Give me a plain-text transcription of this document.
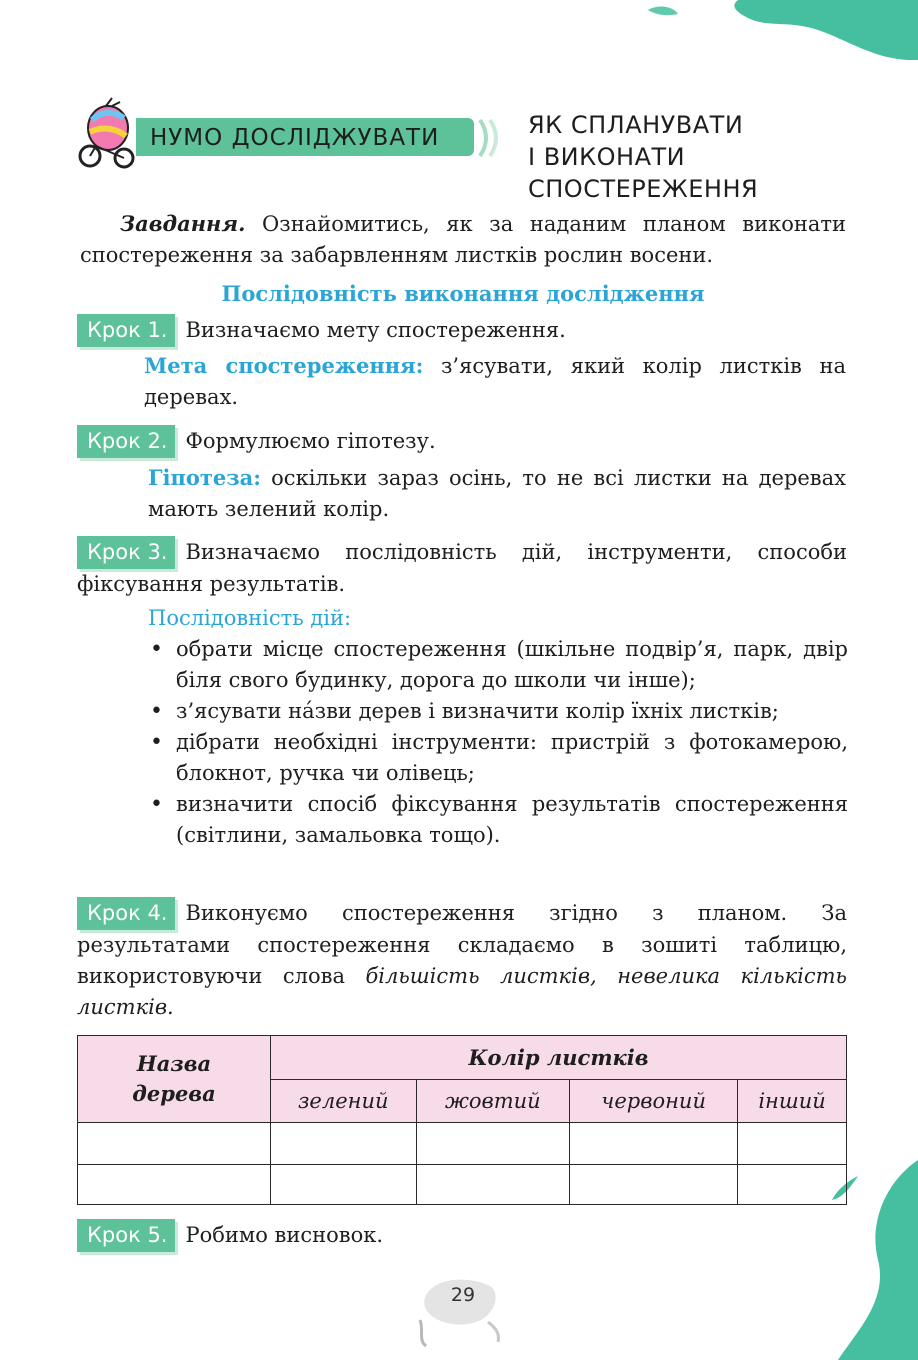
НУМО ДОСЛІДЖУВАТИ	ЯК СПЛАНУВАТИ
І ВИКОНАТИ
СПОСТЕРЕЖЕННЯ
Завдання. Ознайомитись, як за наданим планом виконати спостереження за забарвленням листків рослин восени.
Послідовність виконання дослідження
Крок 1. Визначаємо мету спостереження.
Мета спостереження: з’ясувати, який колір листків на деревах.
Крок 2. Формулюємо гіпотезу.
Гіпотеза: оскільки зараз осінь, то не всі листки на деревах мають зелений колір.
Крок 3. Визначаємо послідовність дій, інструменти, способи фіксування результатів.
Послідовність дій:
• обрати місце спостереження (шкільне подвір’я, парк, двір біля свого будинку, дорога до школи чи інше);
• з’ясувати на́зви дерев і визначити колір їхніх листків;
• дібрати необхідні інструменти: пристрій з фотокамерою, блокнот, ручка чи олівець;
• визначити спосіб фіксування результатів спостереження (світлини, замальовка тощо).
Крок 4. Виконуємо спостереження згідно з планом. За результатами спостереження складаємо в зошиті таблицю, використовуючи слова більшість листків, невелика кількість листків.
Назва дерева	Колір листків			
	зелений	жовтий	червоний	інший

Крок 5. Робимо висновок.
29
